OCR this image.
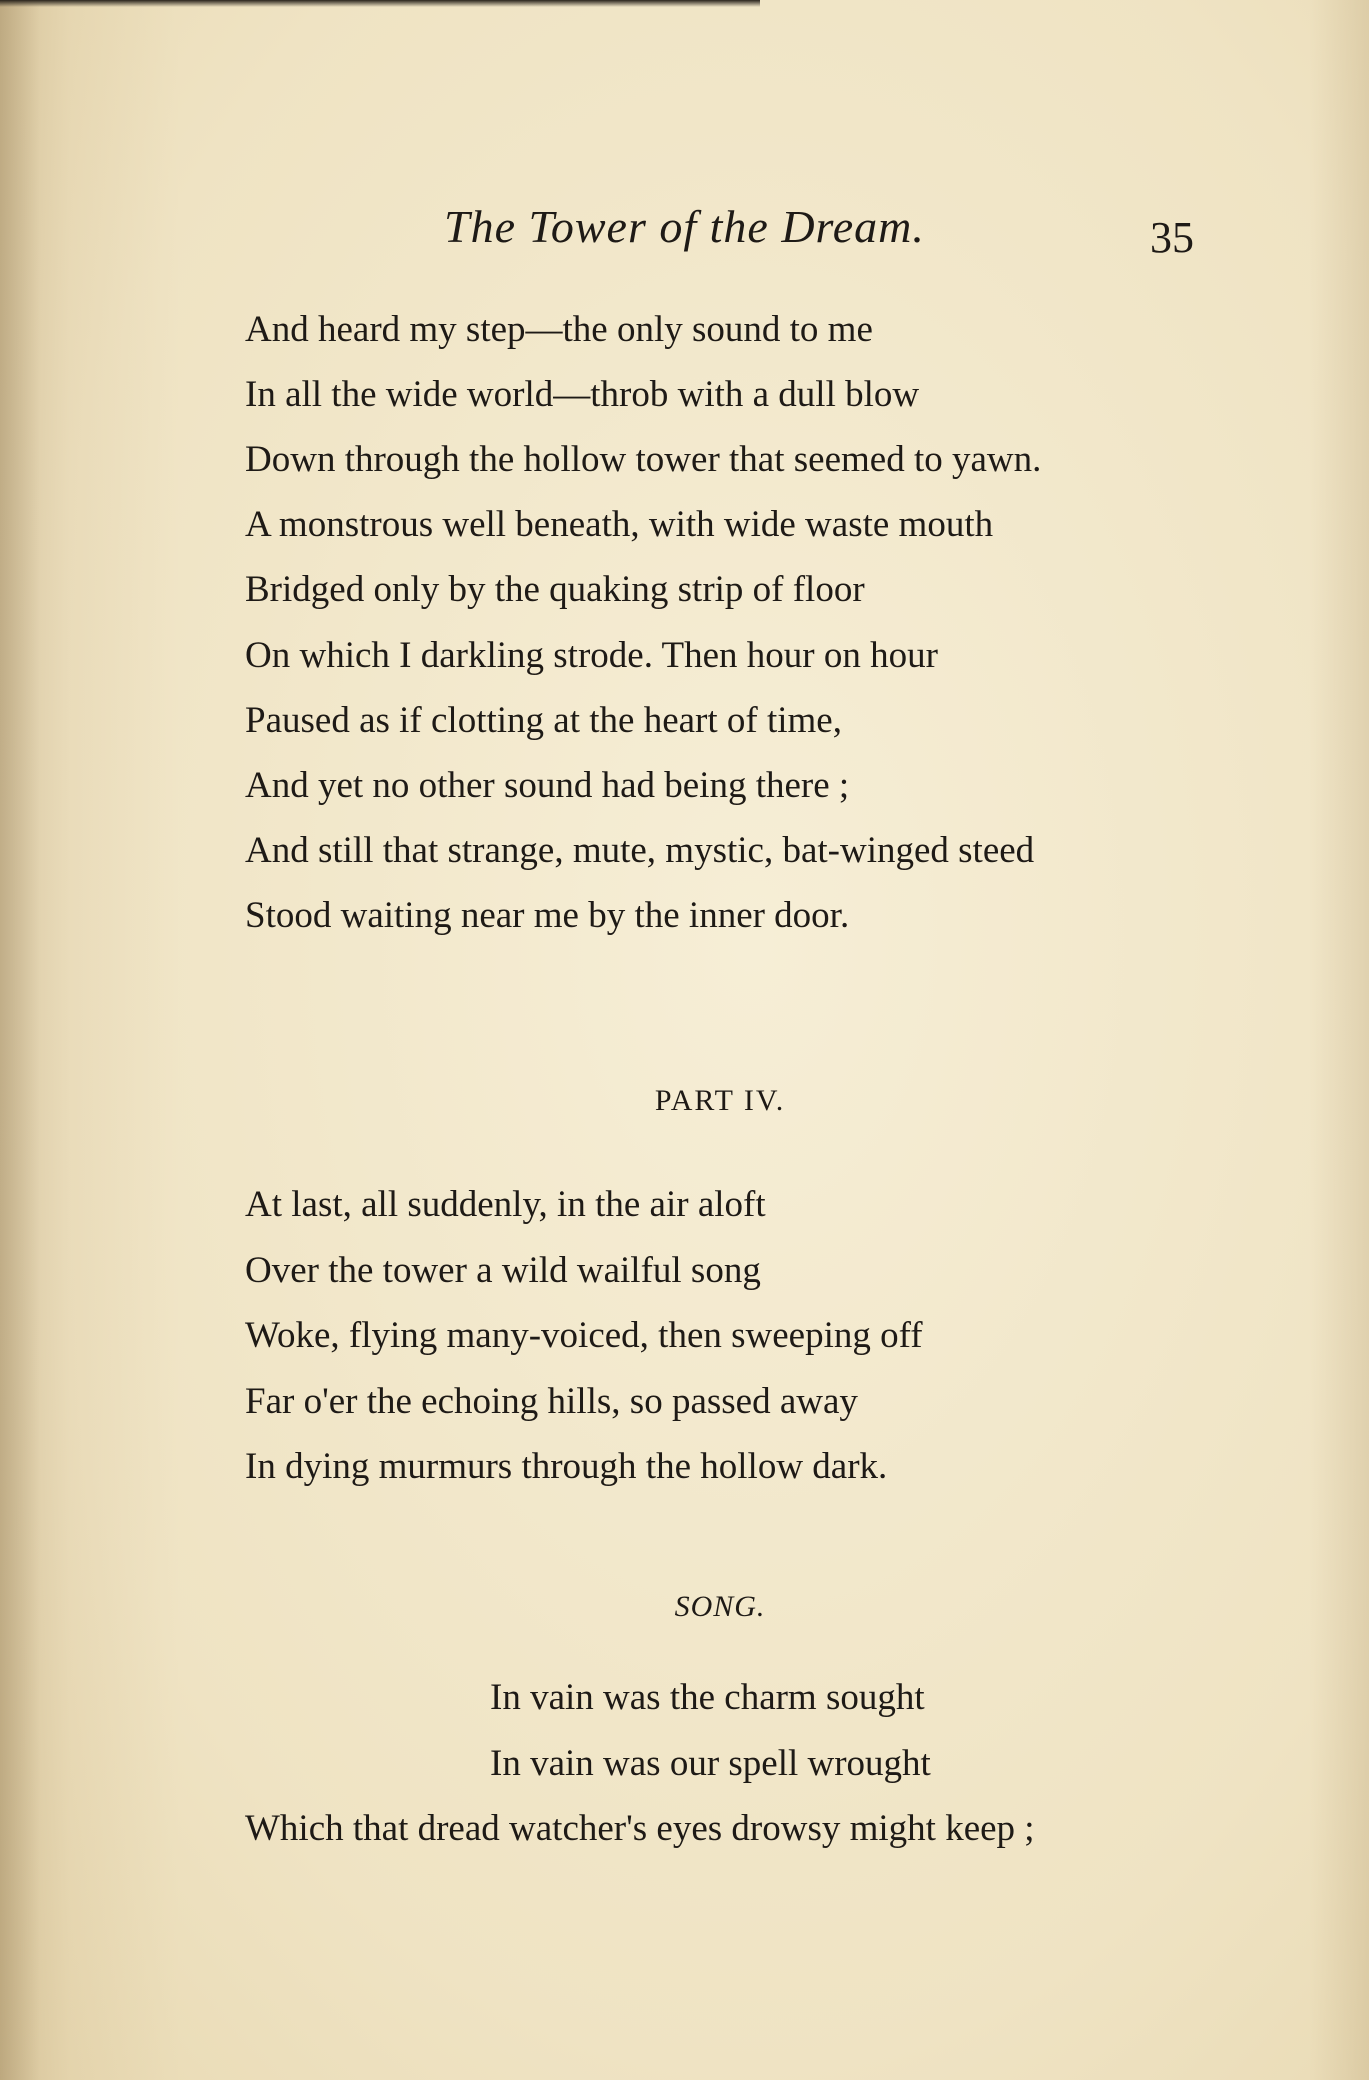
The Tower of the Dream.	35
And heard my step—the only sound to me
In all the wide world—throb with a dull blow
Down through the hollow tower that seemed to yawn.
A monstrous well beneath, with wide waste mouth
Bridged only by the quaking strip of floor
On which I darkling strode. Then hour on hour
Paused as if clotting at the heart of time,
And yet no other sound had being there ;
And still that strange, mute, mystic, bat-winged steed
Stood waiting near me by the inner door.
PART IV.
At last, all suddenly, in the air aloft
Over the tower a wild wailful song
Woke, flying many-voiced, then sweeping off
Far o'er the echoing hills, so passed away
In dying murmurs through the hollow dark.
SONG.
In vain was the charm sought
In vain was our spell wrought
Which that dread watcher's eyes drowsy might keep ;
